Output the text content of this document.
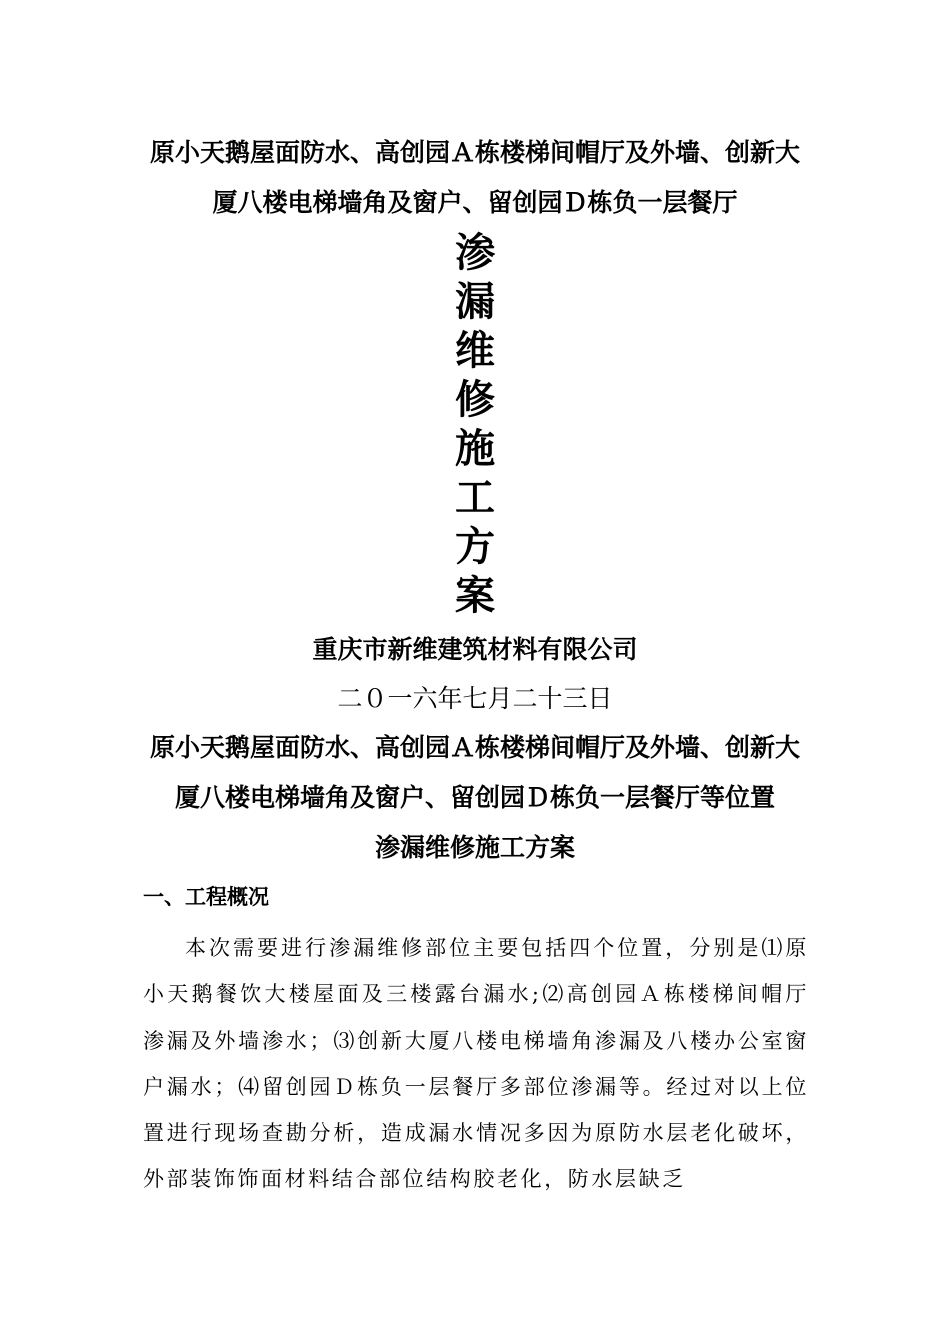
原小天鹅屋面防水、高创园Ａ栋楼梯间帽厅及外墙、创新大
厦八楼电梯墙角及窗户、留创园Ｄ栋负一层餐厅
渗
漏
维
修
施
工
方
案
重庆市新维建筑材料有限公司
二０一六年七月二十三日
原小天鹅屋面防水、高创园Ａ栋楼梯间帽厅及外墙、创新大
厦八楼电梯墙角及窗户、留创园Ｄ栋负一层餐厅等位置
渗漏维修施工方案
一、工程概况
本次需要进行渗漏维修部位主要包括四个位置，分别是⑴原小天鹅餐饮大楼屋面及三楼露台漏水;⑵高创园Ａ栋楼梯间帽厅渗漏及外墙渗水；⑶创新大厦八楼电梯墙角渗漏及八楼办公室窗户漏水；⑷留创园Ｄ栋负一层餐厅多部位渗漏等。经过对以上位置进行现场查勘分析，造成漏水情况多因为原防水层老化破坏，外部装饰饰面材料结合部位结构胶老化，防水层缺乏
